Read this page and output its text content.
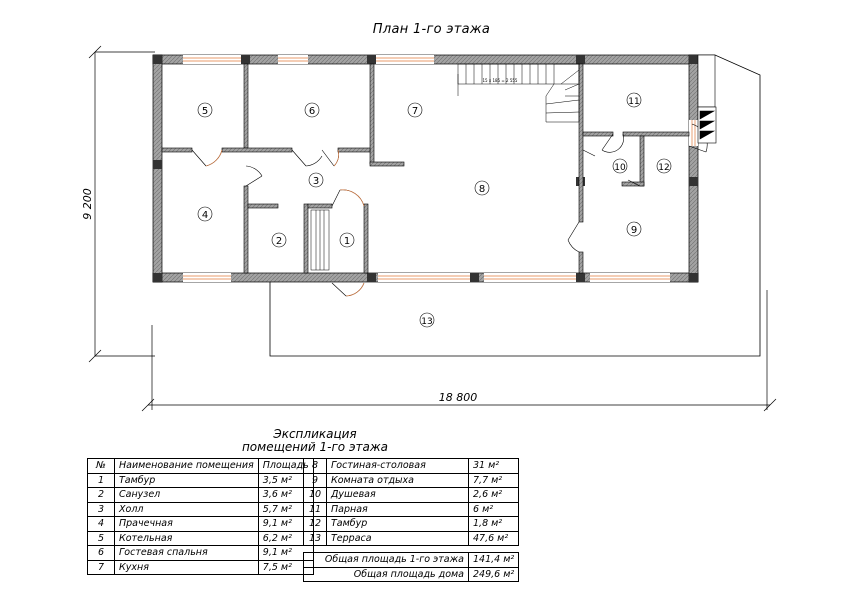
План 1-го этажа
18 800
9 200
15 x 185 = 2 555
1
2
3
4
5	6	7
8
9
10
11
12
13
Экспликация
помещений 1-го этажа
№	Наименование помещения	Площадь
1	Тамбур	3,5 м²
2	Санузел	3,6 м²
3	Холл	5,7 м²
4	Прачечная	9,1 м²
5	Котельная	6,2 м²
6	Гостевая спальня	9,1 м²
7	Кухня	7,5 м²
8	Гостиная-столовая	31 м²
9	Комната отдыха	7,7 м²
10	Душевая	2,6 м²
11	Парная	6 м²
12	Тамбур	1,8 м²
13	Терраса	47,6 м²

Общая площадь 1-го этажа		141,4 м²
Общая площадь дома		249,6 м²
